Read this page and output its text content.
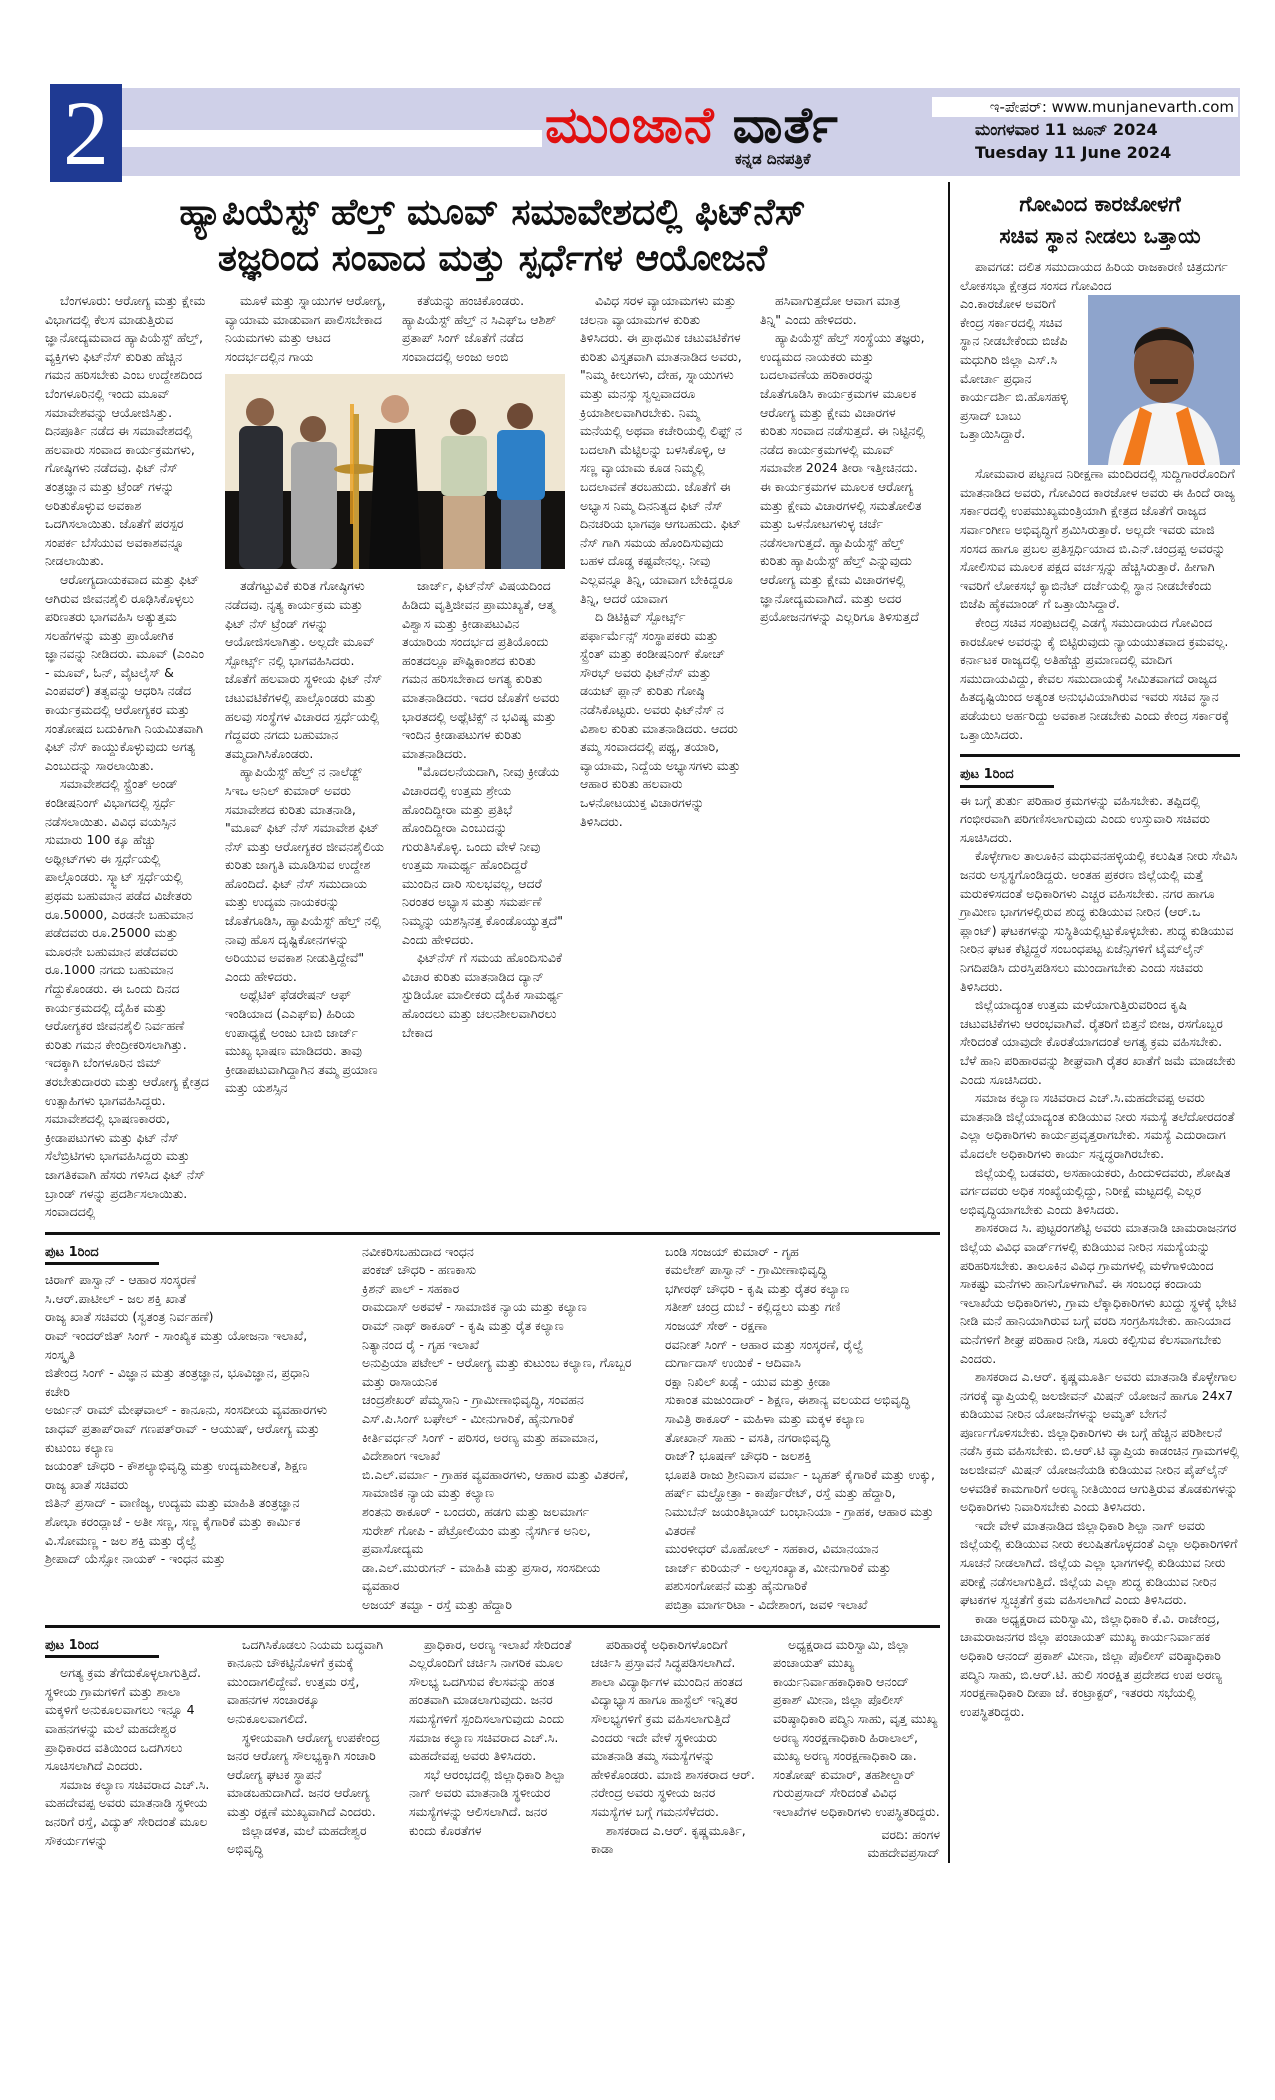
2	ಮುಂಜಾನೆ ವಾರ್ತೆ
ಕನ್ನಡ ದಿನಪತ್ರಿಕೆ
ಇ-ಪೇಪರ್: www.munjanevarth.com
ಮಂಗಳವಾರ 11 ಜೂನ್ 2024
Tuesday 11 June 2024
ಹ್ಯಾಪಿಯೆಸ್ಟ್ ಹೆಲ್ತ್ ಮೂವ್ ಸಮಾವೇಶದಲ್ಲಿ ಫಿಟ್‌ನೆಸ್
ತಜ್ಞರಿಂದ ಸಂವಾದ ಮತ್ತು ಸ್ಪರ್ಧೆಗಳ ಆಯೋಜನೆ

ಬೆಂಗಳೂರು: ಆರೋಗ್ಯ ಮತ್ತು ಕ್ಷೇಮ ವಿಭಾಗದಲ್ಲಿ ಕೆಲಸ ಮಾಡುತ್ತಿರುವ ಜ್ಞಾನೋದ್ಯಮವಾದ ಹ್ಯಾಪಿಯೆಸ್ಟ್ ಹೆಲ್ತ್, ವ್ಯಕ್ತಿಗಳು ಫಿಟ್‌ನೆಸ್ ಕುರಿತು ಹೆಚ್ಚಿನ ಗಮನ ಹರಿಸಬೇಕು ಎಂಬ ಉದ್ದೇಶದಿಂದ ಬೆಂಗಳೂರಿನಲ್ಲಿ ಇಂದು ಮೂವ್ ಸಮಾವೇಶವನ್ನು ಆಯೋಜಿಸಿತ್ತು. ದಿನಪೂರ್ತಿ ನಡೆದ ಈ ಸಮಾವೇಶದಲ್ಲಿ ಹಲವಾರು ಸಂವಾದ ಕಾರ್ಯಕ್ರಮಗಳು, ಗೋಷ್ಠಿಗಳು ನಡೆದವು. ಫಿಟ್ ನೆಸ್ ತಂತ್ರಜ್ಞಾನ ಮತ್ತು ಟ್ರೆಂಡ್ ಗಳನ್ನು ಅರಿತುಕೊಳ್ಳುವ ಅವಕಾಶ ಒದಗಿಸಲಾಯಿತು. ಜೊತೆಗೆ ಪರಸ್ಪರ ಸಂಪರ್ಕ ಬೆಸೆಯುವ ಅವಕಾಶವನ್ನೂ ನೀಡಲಾಯಿತು.

ಆರೋಗ್ಯದಾಯಕವಾದ ಮತ್ತು ಫಿಟ್ ಆಗಿರುವ ಜೀವನಶೈಲಿ ರೂಢಿಸಿಕೊಳ್ಳಲು ಪರಿಣತರು ಭಾಗವಹಿಸಿ ಅತ್ಯುತ್ತಮ ಸಲಹೆಗಳನ್ನು ಮತ್ತು ಪ್ರಾಯೋಗಿಕ ಜ್ಞಾನವನ್ನು ನೀಡಿದರು. ಮೂವ್ (ಎಂಎಂ - ಮೂವ್, ಓನ್, ವೈಟಲೈಸ್ & ಎಂಪವರ್) ತತ್ವವನ್ನು ಆಧರಿಸಿ ನಡೆದ ಕಾರ್ಯಕ್ರಮದಲ್ಲಿ ಆರೋಗ್ಯಕರ ಮತ್ತು ಸಂತೋಷದ ಬದುಕಿಗಾಗಿ ನಿಯಮಿತವಾಗಿ ಫಿಟ್ ನೆಸ್ ಕಾಯ್ದುಕೊಳ್ಳುವುದು ಅಗತ್ಯ ಎಂಬುದನ್ನು ಸಾರಲಾಯಿತು.

ಸಮಾವೇಶದಲ್ಲಿ ಸ್ಟ್ರೆಂತ್ ಅಂಡ್ ಕಂಡೀಷನಿಂಗ್ ವಿಭಾಗದಲ್ಲಿ ಸ್ಪರ್ಧೆ ನಡೆಸಲಾಯಿತು. ವಿವಿಧ ವಯಸ್ಸಿನ ಸುಮಾರು 100 ಕ್ಕೂ ಹೆಚ್ಚು ಅಥ್ಲೀಟ್‌ಗಳು ಈ ಸ್ಪರ್ಧೆಯಲ್ಲಿ ಪಾಲ್ಗೊಂಡರು. ಸ್ಕ್ವಾಟ್ ಸ್ಪರ್ಧೆಯಲ್ಲಿ ಪ್ರಥಮ ಬಹುಮಾನ ಪಡೆದ ವಿಜೇತರು ರೂ.50000, ಎರಡನೇ ಬಹುಮಾನ ಪಡೆದವರು ರೂ.25000 ಮತ್ತು ಮೂರನೇ ಬಹುಮಾನ ಪಡೆದವರು ರೂ.1000 ನಗದು ಬಹುಮಾನ ಗೆದ್ದುಕೊಂಡರು. ಈ ಒಂದು ದಿನದ ಕಾರ್ಯಕ್ರಮದಲ್ಲಿ ದೈಹಿಕ ಮತ್ತು ಆರೋಗ್ಯಕರ ಜೀವನಶೈಲಿ ನಿರ್ವಹಣೆ ಕುರಿತು ಗಮನ ಕೇಂದ್ರೀಕರಿಸಲಾಗಿತ್ತು. ಇದಕ್ಕಾಗಿ ಬೆಂಗಳೂರಿನ ಜಿಮ್ ತರಬೇತುದಾರರು ಮತ್ತು ಆರೋಗ್ಯ ಕ್ಷೇತ್ರದ ಉತ್ಸಾಹಿಗಳು ಭಾಗವಹಿಸಿದ್ದರು. ಸಮಾವೇಶದಲ್ಲಿ ಭಾಷಣಕಾರರು, ಕ್ರೀಡಾಪಟುಗಳು ಮತ್ತು ಫಿಟ್ ನೆಸ್ ಸೆಲೆಬ್ರಿಟಿಗಳು ಭಾಗವಹಿಸಿದ್ದರು ಮತ್ತು ಜಾಗತಿಕವಾಗಿ ಹೆಸರು ಗಳಿಸಿದ ಫಿಟ್ ನೆಸ್ ಬ್ರಾಂಡ್ ಗಳನ್ನು ಪ್ರದರ್ಶಿಸಲಾಯಿತು. ಸಂವಾದದಲ್ಲಿ

ಮೂಳೆ ಮತ್ತು ಸ್ನಾಯುಗಳ ಆರೋಗ್ಯ, ವ್ಯಾಯಾಮ ಮಾಡುವಾಗ ಪಾಲಿಸಬೇಕಾದ ನಿಯಮಗಳು ಮತ್ತು ಆಟದ ಸಂದರ್ಭದಲ್ಲಿನ ಗಾಯ

ಕತೆಯನ್ನು ಹಂಚಿಕೊಂಡರು. ಹ್ಯಾಪಿಯೆಸ್ಟ್ ಹೆಲ್ತ್ ನ ಸಿಎಫ್ಒ ಆಶಿಶ್ ಪ್ರತಾಪ್ ಸಿಂಗ್ ಜೊತೆಗೆ ನಡೆದ ಸಂವಾದದಲ್ಲಿ ಅಂಜು ಅಂಬಿ

ತಡೆಗಟ್ಟುವಿಕೆ ಕುರಿತ ಗೋಷ್ಠಿಗಳು ನಡೆದವು. ನೃತ್ಯ ಕಾರ್ಯಕ್ರಮ ಮತ್ತು ಫಿಟ್ ನೆಸ್ ಟ್ರೆಂಡ್ ಗಳನ್ನು ಆಯೋಜಿಸಲಾಗಿತ್ತು. ಅಲ್ಲದೇ ಮೂವ್ ಸ್ಪೋರ್ಟ್ಸ್ ನಲ್ಲಿ ಭಾಗವಹಿಸಿದರು. ಜೊತೆಗೆ ಹಲವಾರು ಸ್ಥಳೀಯ ಫಿಟ್ ನೆಸ್ ಚಟುವಟಿಕೆಗಳಲ್ಲಿ ಪಾಲ್ಗೊಂಡರು ಮತ್ತು ಹಲವು ಸಂಸ್ಥೆಗಳ ವಿಚಾರದ ಸ್ಪರ್ಧೆಯಲ್ಲಿ ಗೆದ್ದವರು ನಗದು ಬಹುಮಾನ ತಮ್ಮದಾಗಿಸಿಕೊಂಡರು.

ಹ್ಯಾಪಿಯೆಸ್ಟ್ ಹೆಲ್ತ್ ನ ನಾಲೆಡ್ಜ್ ಸಿಇಒ ಅನಿಲ್ ಕುಮಾರ್ ಅವರು ಸಮಾವೇಶದ ಕುರಿತು ಮಾತನಾಡಿ, "ಮೂವ್ ಫಿಟ್ ನೆಸ್ ಸಮಾವೇಶ ಫಿಟ್ ನೆಸ್ ಮತ್ತು ಆರೋಗ್ಯಕರ ಜೀವನಶೈಲಿಯ ಕುರಿತು ಜಾಗೃತಿ ಮೂಡಿಸುವ ಉದ್ದೇಶ ಹೊಂದಿದೆ. ಫಿಟ್ ನೆಸ್ ಸಮುದಾಯ ಮತ್ತು ಉದ್ಯಮ ನಾಯಕರನ್ನು ಜೊತೆಗೂಡಿಸಿ, ಹ್ಯಾಪಿಯೆಸ್ಟ್ ಹೆಲ್ತ್ ನಲ್ಲಿ ನಾವು ಹೊಸ ದೃಷ್ಟಿಕೋನಗಳನ್ನು ಅರಿಯುವ ಅವಕಾಶ ನೀಡುತ್ತಿದ್ದೇವೆ" ಎಂದು ಹೇಳಿದರು.

ಅಥ್ಲೆಟಿಕ್ ಫೆಡರೇಷನ್ ಆಫ್ ಇಂಡಿಯಾದ (ಎಎಫ್ಐ) ಹಿರಿಯ ಉಪಾಧ್ಯಕ್ಷೆ ಅಂಜು ಬಾಬಿ ಜಾರ್ಜ್ ಮುಖ್ಯ ಭಾಷಣ ಮಾಡಿದರು. ತಾವು ಕ್ರೀಡಾಪಟುವಾಗಿದ್ದಾಗಿನ ತಮ್ಮ ಪ್ರಯಾಣ ಮತ್ತು ಯಶಸ್ಸಿನ

ಜಾರ್ಜ್, ಫಿಟ್‌ನೆಸ್ ವಿಷಯದಿಂದ ಹಿಡಿದು ವೃತ್ತಿಜೀವನ ಪ್ರಾಮುಖ್ಯತೆ, ಆತ್ಮ ವಿಶ್ವಾಸ ಮತ್ತು ಕ್ರೀಡಾಪಟುವಿನ ತಯಾರಿಯ ಸಂದರ್ಭದ ಪ್ರತಿಯೊಂದು ಹಂತದಲ್ಲೂ ಪೌಷ್ಟಿಕಾಂಶದ ಕುರಿತು ಗಮನ ಹರಿಸಬೇಕಾದ ಅಗತ್ಯ ಕುರಿತು ಮಾತನಾಡಿದರು. ಇದರ ಜೊತೆಗೆ ಅವರು ಭಾರತದಲ್ಲಿ ಅಥ್ಲೆಟಿಕ್ಸ್ ನ ಭವಿಷ್ಯ ಮತ್ತು ಇಂದಿನ ಕ್ರೀಡಾಪಟುಗಳ ಕುರಿತು ಮಾತನಾಡಿದರು.

"ಮೊದಲನೆಯದಾಗಿ, ನೀವು ಕ್ರೀಡೆಯ ವಿಚಾರದಲ್ಲಿ ಉತ್ತಮ ಶ್ರೇಯ ಹೊಂದಿದ್ದೀರಾ ಮತ್ತು ಪ್ರತಿಭೆ ಹೊಂದಿದ್ದೀರಾ ಎಂಬುದನ್ನು ಗುರುತಿಸಿಕೊಳ್ಳಿ. ಒಂದು ವೇಳೆ ನೀವು ಉತ್ತಮ ಸಾಮರ್ಥ್ಯ ಹೊಂದಿದ್ದರೆ ಮುಂದಿನ ದಾರಿ ಸುಲಭವಲ್ಲ, ಆದರೆ ನಿರಂತರ ಅಭ್ಯಾಸ ಮತ್ತು ಸಮರ್ಪಣೆ ನಿಮ್ಮನ್ನು ಯಶಸ್ಸಿನತ್ತ ಕೊಂಡೊಯ್ಯುತ್ತದೆ" ಎಂದು ಹೇಳಿದರು.

ಫಿಟ್‌ನೆಸ್ ಗೆ ಸಮಯ ಹೊಂದಿಸುವಿಕೆ ವಿಚಾರ ಕುರಿತು ಮಾತನಾಡಿದ ದ್ಯಾನ್ ಸ್ಟುಡಿಯೋ ಮಾಲೀಕರು ದೈಹಿಕ ಸಾಮರ್ಥ್ಯ ಹೊಂದಲು ಮತ್ತು ಚಲನಶೀಲವಾಗಿರಲು ಬೇಕಾದ

ವಿವಿಧ ಸರಳ ವ್ಯಾಯಾಮಗಳು ಮತ್ತು ಚಲನಾ ವ್ಯಾಯಾಮಗಳ ಕುರಿತು ತಿಳಿಸಿದರು. ಈ ಪ್ರಾಥಮಿಕ ಚಟುವಟಿಕೆಗಳ ಕುರಿತು ವಿಸ್ತೃತವಾಗಿ ಮಾತನಾಡಿದ ಅವರು, "ನಿಮ್ಮ ಕೀಲುಗಳು, ದೇಹ, ಸ್ನಾಯುಗಳು ಮತ್ತು ಮನಸ್ಸು ಸ್ವಲ್ಪವಾದರೂ ಕ್ರಿಯಾಶೀಲವಾಗಿರಬೇಕು. ನಿಮ್ಮ ಮನೆಯಲ್ಲಿ ಅಥವಾ ಕಚೇರಿಯಲ್ಲಿ ಲಿಫ್ಟ್ ನ ಬದಲಾಗಿ ಮೆಟ್ಟಿಲನ್ನು ಬಳಸಿಕೊಳ್ಳಿ, ಆ ಸಣ್ಣ ವ್ಯಾಯಾಮ ಕೂಡ ನಿಮ್ಮಲ್ಲಿ ಬದಲಾವಣೆ ತರಬಹುದು. ಜೊತೆಗೆ ಈ ಅಭ್ಯಾಸ ನಿಮ್ಮ ದಿನನಿತ್ಯದ ಫಿಟ್ ನೆಸ್ ದಿನಚರಿಯ ಭಾಗವೂ ಆಗಬಹುದು. ಫಿಟ್ ನೆಸ್ ಗಾಗಿ ಸಮಯ ಹೊಂದಿಸುವುದು ಬಹಳ ದೊಡ್ಡ ಕಷ್ಟವೇನಲ್ಲ. ನೀವು ಎಲ್ಲವನ್ನೂ ತಿನ್ನಿ, ಯಾವಾಗ ಬೇಕಿದ್ದರೂ ತಿನ್ನಿ, ಆದರೆ ಯಾವಾಗ

ದಿ ಡಿಟಿಕ್ಟಿವ್ ಸ್ಪೋರ್ಟ್ಸ್ ಪರ್ಫಾರ್ಮೆನ್ಸ್ ಸಂಸ್ಥಾಪಕರು ಮತ್ತು ಸ್ಟ್ರೆಂತ್ ಮತ್ತು ಕಂಡೀಷನಿಂಗ್ ಕೋಚ್ ಸೌರಭ್ ಅವರು ಫಿಟ್‌ನೆಸ್ ಮತ್ತು ಡಯಟ್ ಪ್ಲಾನ್ ಕುರಿತು ಗೋಷ್ಠಿ ನಡೆಸಿಕೊಟ್ಟರು. ಅವರು ಫಿಟ್‌ನೆಸ್ ನ ವಿಶಾಲ ಕುರಿತು ಮಾತನಾಡಿದರು. ಆದರು ತಮ್ಮ ಸಂವಾದದಲ್ಲಿ ಪಥ್ಯ, ತಯಾರಿ, ವ್ಯಾಯಾಮ, ನಿದ್ದೆಯ ಅಭ್ಯಾಸಗಳು ಮತ್ತು ಆಹಾರ ಕುರಿತು ಹಲವಾರು ಒಳನೋಟಯುಕ್ತ ವಿಚಾರಗಳನ್ನು ತಿಳಿಸಿದರು.

ಹಸಿವಾಗುತ್ತದೋ ಆವಾಗ ಮಾತ್ರ ತಿನ್ನಿ" ಎಂದು ಹೇಳಿದರು.

ಹ್ಯಾಪಿಯೆಸ್ಟ್ ಹೆಲ್ತ್ ಸಂಸ್ಥೆಯು ತಜ್ಞರು, ಉದ್ಯಮದ ನಾಯಕರು ಮತ್ತು ಬದಲಾವಣೆಯ ಹರಿಕಾರರನ್ನು ಜೊತೆಗೂಡಿಸಿ ಕಾರ್ಯಕ್ರಮಗಳ ಮೂಲಕ ಆರೋಗ್ಯ ಮತ್ತು ಕ್ಷೇಮ ವಿಚಾರಗಳ ಕುರಿತು ಸಂವಾದ ನಡೆಸುತ್ತದೆ. ಈ ನಿಟ್ಟಿನಲ್ಲಿ ನಡೆದ ಕಾರ್ಯಕ್ರಮಗಳಲ್ಲಿ ಮೂವ್ ಸಮಾವೇಶ 2024 ತೀರಾ ಇತ್ತೀಚಿನದು. ಈ ಕಾರ್ಯಕ್ರಮಗಳ ಮೂಲಕ ಆರೋಗ್ಯ ಮತ್ತು ಕ್ಷೇಮ ವಿಚಾರಗಳಲ್ಲಿ ಸಮತೋಲಿತ ಮತ್ತು ಒಳನೋಟಗಳುಳ್ಳ ಚರ್ಚೆ ನಡೆಸಲಾಗುತ್ತದೆ. ಹ್ಯಾಪಿಯೆಸ್ಟ್ ಹೆಲ್ತ್ ಕುರಿತು ಹ್ಯಾಪಿಯೆಸ್ಟ್ ಹೆಲ್ತ್ ಎನ್ನುವುದು ಆರೋಗ್ಯ ಮತ್ತು ಕ್ಷೇಮ ವಿಚಾರಗಳಲ್ಲಿ ಜ್ಞಾನೋದ್ಯಮವಾಗಿದೆ. ಮತ್ತು ಅದರ ಪ್ರಯೋಜನಗಳನ್ನು ಎಲ್ಲರಿಗೂ ತಿಳಿಸುತ್ತದೆ

ಪುಟ 1ರಿಂದ
ಚಿರಾಗ್ ಪಾಸ್ವಾನ್ - ಆಹಾರ ಸಂಸ್ಕರಣೆ
ಸಿ.ಆರ್.ಪಾಟೀಲ್ - ಜಲ ಶಕ್ತಿ ಖಾತೆ
ರಾಜ್ಯ ಖಾತೆ ಸಚಿವರು (ಸ್ವತಂತ್ರ ನಿರ್ವಹಣೆ)
ರಾವ್ ಇಂದರ್‌ಜಿತ್ ಸಿಂಗ್ - ಸಾಂಖ್ಯಿಕ ಮತ್ತು ಯೋಜನಾ ಇಲಾಖೆ, ಸಂಸ್ಕೃತಿ
ಜಿತೇಂದ್ರ ಸಿಂಗ್ - ವಿಜ್ಞಾನ ಮತ್ತು ತಂತ್ರಜ್ಞಾನ, ಭೂವಿಜ್ಞಾನ, ಪ್ರಧಾನಿ ಕಚೇರಿ
ಅರ್ಜುನ್ ರಾಮ್ ಮೇಘವಾಲ್ - ಕಾನೂನು, ಸಂಸದೀಯ ವ್ಯವಹಾರಗಳು
ಜಾಧವ್ ಪ್ರತಾಪ್‌ರಾವ್ ಗಣಪತ್‌ರಾವ್ - ಆಯುಷ್, ಆರೋಗ್ಯ ಮತ್ತು ಕುಟುಂಬ ಕಲ್ಯಾಣ
ಜಯಂತ್ ಚೌಧರಿ - ಕೌಶಲ್ಯಾಭಿವೃದ್ಧಿ ಮತ್ತು ಉದ್ಯಮಶೀಲತೆ, ಶಿಕ್ಷಣ
ರಾಜ್ಯ ಖಾತೆ ಸಚಿವರು
ಜಿತಿನ್ ಪ್ರಸಾದ್ - ವಾಣಿಜ್ಯ, ಉದ್ಯಮ ಮತ್ತು ಮಾಹಿತಿ ತಂತ್ರಜ್ಞಾನ
ಶೋಭಾ ಕರಂದ್ಲಾಜೆ - ಅತೀ ಸಣ್ಣ, ಸಣ್ಣ ಕೈಗಾರಿಕೆ ಮತ್ತು ಕಾರ್ಮಿಕ
ವಿ.ಸೋಮಣ್ಣ - ಜಲ ಶಕ್ತಿ ಮತ್ತು ರೈಲ್ವೆ
ಶ್ರೀಪಾದ್ ಯೆಸ್ಸೋ ನಾಯಕ್ - ಇಂಧನ ಮತ್ತು
ನವೀಕರಿಸಬಹುದಾದ ಇಂಧನ
ಪಂಕಜ್ ಚೌಧರಿ - ಹಣಕಾಸು
ಕ್ರಿಶನ್ ಪಾಲ್ - ಸಹಕಾರ
ರಾಮದಾಸ್ ಅಠವಳೆ - ಸಾಮಾಜಿಕ ನ್ಯಾಯ ಮತ್ತು ಕಲ್ಯಾಣ
ರಾಮ್ ನಾಥ್ ಠಾಕೂರ್ - ಕೃಷಿ ಮತ್ತು ರೈತ ಕಲ್ಯಾಣ
ನಿತ್ಯಾನಂದ ರೈ - ಗೃಹ ಇಲಾಖೆ
ಅನುಪ್ರಿಯಾ ಪಟೇಲ್ - ಆರೋಗ್ಯ ಮತ್ತು ಕುಟುಂಬ ಕಲ್ಯಾಣ, ಗೊಬ್ಬರ ಮತ್ತು ರಾಸಾಯನಿಕ
ಚಂದ್ರಶೇಖರ್ ಪೆಮ್ಮಸಾನಿ - ಗ್ರಾಮೀಣಾಭಿವೃದ್ಧಿ, ಸಂವಹನ
ಎಸ್.ಪಿ.ಸಿಂಗ್ ಬಘೇಲ್ - ಮೀನುಗಾರಿಕೆ, ಹೈನುಗಾರಿಕೆ
ಕೀರ್ತಿವರ್ಧನ್ ಸಿಂಗ್ - ಪರಿಸರ, ಅರಣ್ಯ ಮತ್ತು ಹವಾಮಾನ, ವಿದೇಶಾಂಗ ಇಲಾಖೆ
ಬಿ.ಎಲ್.ವರ್ಮಾ - ಗ್ರಾಹಕ ವ್ಯವಹಾರಗಳು, ಆಹಾರ ಮತ್ತು ವಿತರಣೆ, ಸಾಮಾಜಿಕ ನ್ಯಾಯ ಮತ್ತು ಕಲ್ಯಾಣ
ಶಂತನು ಠಾಕೂರ್ - ಬಂದರು, ಹಡಗು ಮತ್ತು ಜಲಮಾರ್ಗ
ಸುರೇಶ್ ಗೋಪಿ - ಪೆಟ್ರೋಲಿಯಂ ಮತ್ತು ನೈಸರ್ಗಿಕ ಅನಿಲ, ಪ್ರವಾಸೋದ್ಯಮ
ಡಾ.ಎಲ್.ಮುರುಗನ್ - ಮಾಹಿತಿ ಮತ್ತು ಪ್ರಸಾರ, ಸಂಸದೀಯ ವ್ಯವಹಾರ
ಅಜಯ್ ತಮ್ಟಾ - ರಸ್ತೆ ಮತ್ತು ಹೆದ್ದಾರಿ
ಬಂಡಿ ಸಂಜಯ್ ಕುಮಾರ್ - ಗೃಹ
ಕಮಲೇಶ್ ಪಾಸ್ವಾನ್ - ಗ್ರಾಮೀಣಾಭಿವೃದ್ಧಿ
ಭಗೀರಥ್ ಚೌಧರಿ - ಕೃಷಿ ಮತ್ತು ರೈತರ ಕಲ್ಯಾಣ
ಸತೀಶ್ ಚಂದ್ರ ದುಬೆ - ಕಲ್ಲಿದ್ದಲು ಮತ್ತು ಗಣಿ
ಸಂಜಯ್ ಸೇಠ್ - ರಕ್ಷಣಾ
ರವನೀತ್ ಸಿಂಗ್ - ಆಹಾರ ಮತ್ತು ಸಂಸ್ಕರಣೆ, ರೈಲ್ವೆ
ದುರ್ಗಾದಾಸ್ ಉಯಿಕೆ - ಆದಿವಾಸಿ
ರಕ್ಷಾ ನಿಖಿಲ್ ಖಡ್ಸೆ - ಯುವ ಮತ್ತು ಕ್ರೀಡಾ
ಸುಕಾಂತ ಮಜುಂದಾರ್ - ಶಿಕ್ಷಣ, ಈಶಾನ್ಯ ವಲಯದ ಅಭಿವೃದ್ಧಿ
ಸಾವಿತ್ರಿ ಠಾಕೂರ್ - ಮಹಿಳಾ ಮತ್ತು ಮಕ್ಕಳ ಕಲ್ಯಾಣ
ತೋಖಾನ್ ಸಾಹು - ವಸತಿ, ನಗರಾಭಿವೃದ್ಧಿ
ರಾಜ್? ಭೂಷಣ್ ಚೌಧರಿ - ಜಲಶಕ್ತಿ
ಭೂಪತಿ ರಾಜು ಶ್ರೀನಿವಾಸ ವರ್ಮಾ - ಬೃಹತ್ ಕೈಗಾರಿಕೆ ಮತ್ತು ಉಕ್ಕು, ಹರ್ಷ್ ಮಲ್ಹೋತ್ರಾ - ಕಾರ್ಪೊರೇಟ್, ರಸ್ತೆ ಮತ್ತು ಹೆದ್ದಾರಿ, ನಿಮುಬೆನ್ ಜಯಂತಿಭಾಯ್ ಬಂಭಾನಿಯಾ - ಗ್ರಾಹಕ, ಆಹಾರ ಮತ್ತು ವಿತರಣೆ
ಮುರಳೀಧರ್ ಮೊಹೋಲ್ - ಸಹಕಾರ, ವಿಮಾನಯಾನ
ಜಾರ್ಜ್ ಕುರಿಯನ್ - ಅಲ್ಪಸಂಖ್ಯಾತ, ಮೀನುಗಾರಿಕೆ ಮತ್ತು ಪಶುಸಂಗೋಪನೆ ಮತ್ತು ಹೈನುಗಾರಿಕೆ
ಪಬಿತ್ರಾ ಮಾರ್ಗರಿಟಾ - ವಿದೇಶಾಂಗ, ಜವಳಿ ಇಲಾಖೆ
ಪುಟ 1ರಿಂದ

ಅಗತ್ಯ ಕ್ರಮ ತೆಗೆದುಕೊಳ್ಳಲಾಗುತ್ತಿದೆ. ಸ್ಥಳೀಯ ಗ್ರಾಮಗಳಿಗೆ ಮತ್ತು ಶಾಲಾ ಮಕ್ಕಳಿಗೆ ಅನುಕೂಲವಾಗಲು ಇನ್ನೂ 4 ವಾಹನಗಳನ್ನು ಮಲೆ ಮಹದೇಶ್ವರ ಪ್ರಾಧಿಕಾರದ ವತಿಯಿಂದ ಒದಗಿಸಲು ಸೂಚಿಸಲಾಗಿದೆ ಎಂದರು.

ಸಮಾಜ ಕಲ್ಯಾಣ ಸಚಿವರಾದ ಎಚ್.ಸಿ. ಮಹದೇವಪ್ಪ ಅವರು ಮಾತನಾಡಿ ಸ್ಥಳೀಯ ಜನರಿಗೆ ರಸ್ತೆ, ವಿದ್ಯುತ್ ಸೇರಿದಂತೆ ಮೂಲ ಸೌಕರ್ಯಗಳನ್ನು

ಒದಗಿಸಿಕೊಡಲು ನಿಯಮ ಬದ್ಧವಾಗಿ ಕಾನೂನು ಚೌಕಟ್ಟಿನೊಳಗೆ ಕ್ರಮಕ್ಕೆ ಮುಂದಾಗಲಿದ್ದೇವೆ. ಉತ್ತಮ ರಸ್ತೆ, ವಾಹನಗಳ ಸಂಚಾರಕ್ಕೂ ಅನುಕೂಲವಾಗಲಿದೆ.

ಸ್ಥಳೀಯವಾಗಿ ಆರೋಗ್ಯ ಉಪಕೇಂದ್ರ ಜನರ ಆರೋಗ್ಯ ಸೌಲಭ್ಯಕ್ಕಾಗಿ ಸಂಚಾರಿ ಆರೋಗ್ಯ ಘಟಕ ಸ್ಥಾಪನೆ ಮಾಡಬಹುದಾಗಿದೆ. ಜನರ ಆರೋಗ್ಯ ಮತ್ತು ರಕ್ಷಣೆ ಮುಖ್ಯವಾಗಿದೆ ಎಂದರು.

ಜಿಲ್ಲಾಡಳಿತ, ಮಲೆ ಮಹದೇಶ್ವರ ಅಭಿವೃದ್ಧಿ

ಪ್ರಾಧಿಕಾರ, ಅರಣ್ಯ ಇಲಾಖೆ ಸೇರಿದಂತೆ ಎಲ್ಲರೊಂದಿಗೆ ಚರ್ಚಿಸಿ ನಾಗರಿಕ ಮೂಲ ಸೌಲಭ್ಯ ಒದಗಿಸುವ ಕೆಲಸವನ್ನು ಹಂತ ಹಂತವಾಗಿ ಮಾಡಲಾಗುವುದು. ಜನರ ಸಮಸ್ಯೆಗಳಿಗೆ ಸ್ಪಂದಿಸಲಾಗುವುದು ಎಂದು ಸಮಾಜ ಕಲ್ಯಾಣ ಸಚಿವರಾದ ಎಚ್.ಸಿ. ಮಹದೇವಪ್ಪ ಅವರು ತಿಳಿಸಿದರು.

ಸಭೆ ಆರಂಭದಲ್ಲಿ ಜಿಲ್ಲಾಧಿಕಾರಿ ಶಿಲ್ಪಾ ನಾಗ್ ಅವರು ಮಾತನಾಡಿ ಸ್ಥಳೀಯರ ಸಮಸ್ಯೆಗಳನ್ನು ಆಲಿಸಲಾಗಿದೆ. ಜನರ ಕುಂದು ಕೊರತೆಗಳ

ಪರಿಹಾರಕ್ಕೆ ಅಧಿಕಾರಿಗಳೊಂದಿಗೆ ಚರ್ಚಿಸಿ ಪ್ರಸ್ತಾವನೆ ಸಿದ್ಧಪಡಿಸಲಾಗಿದೆ. ಶಾಲಾ ವಿದ್ಯಾರ್ಥಿಗಳ ಮುಂದಿನ ಹಂತದ ವಿದ್ಯಾಭ್ಯಾಸ ಹಾಗೂ ಹಾಸ್ಟೆಲ್ ಇನ್ನಿತರ ಸೌಲಭ್ಯಗಳಿಗೆ ಕ್ರಮ ವಹಿಸಲಾಗುತ್ತಿದೆ ಎಂದರು ಇದೇ ವೇಳೆ ಸ್ಥಳೀಯರು ಮಾತನಾಡಿ ತಮ್ಮ ಸಮಸ್ಯೆಗಳನ್ನು ಹೇಳಿಕೊಂಡರು. ಮಾಜಿ ಶಾಸಕರಾದ ಆರ್. ನರೇಂದ್ರ ಅವರು ಸ್ಥಳೀಯ ಜನರ ಸಮಸ್ಯೆಗಳ ಬಗ್ಗೆ ಗಮನಸೆಳೆದರು.

ಶಾಸಕರಾದ ಎ.ಆರ್. ಕೃಷ್ಣಮೂರ್ತಿ, ಕಾಡಾ

ಅಧ್ಯಕ್ಷರಾದ ಮರಿಸ್ವಾಮಿ, ಜಿಲ್ಲಾ ಪಂಚಾಯತ್ ಮುಖ್ಯ ಕಾರ್ಯನಿರ್ವಾಹಕಾಧಿಕಾರಿ ಆನಂದ್ ಪ್ರಕಾಶ್ ಮೀನಾ, ಜಿಲ್ಲಾ ಪೊಲೀಸ್ ವರಿಷ್ಠಾಧಿಕಾರಿ ಪದ್ಮಿನಿ ಸಾಹು, ವೃತ್ತ ಮುಖ್ಯ ಅರಣ್ಯ ಸಂರಕ್ಷಣಾಧಿಕಾರಿ ಹಿರಾಲಾಲ್, ಮುಖ್ಯ ಅರಣ್ಯ ಸಂರಕ್ಷಣಾಧಿಕಾರಿ ಡಾ. ಸಂತೋಷ್ ಕುಮಾರ್, ತಹಶೀಲ್ದಾರ್ ಗುರುಪ್ರಸಾದ್ ಸೇರಿದಂತೆ ವಿವಿಧ ಇಲಾಖೆಗಳ ಅಧಿಕಾರಿಗಳು ಉಪಸ್ಥಿತರಿದ್ದರು.

ವರದಿ: ಹಂಗಳ
ಮಹದೇವಪ್ರಸಾದ್
ಗೋವಿಂದ ಕಾರಜೋಳಗೆ
ಸಚಿವ ಸ್ಥಾನ ನೀಡಲು ಒತ್ತಾಯ

ಪಾವಗಡ: ದಲಿತ ಸಮುದಾಯದ ಹಿರಿಯ ರಾಜಕಾರಣಿ ಚಿತ್ರದುರ್ಗ ಲೋಕಸಭಾ ಕ್ಷೇತ್ರದ ಸಂಸದ ಗೋವಿಂದ

ಎಂ.ಕಾರಜೋಳ ಅವರಿಗೆ ಕೇಂದ್ರ ಸರ್ಕಾರದಲ್ಲಿ ಸಚಿವ ಸ್ಥಾನ ನೀಡಬೇಕೆಂದು ಬಿಜೆಪಿ ಮಧುಗಿರಿ ಜಿಲ್ಲಾ ಎಸ್.ಸಿ ಮೋರ್ಚಾ ಪ್ರಧಾನ ಕಾರ್ಯದರ್ಶಿ ಬಿ.ಹೊಸಹಳ್ಳಿ ಪ್ರಸಾದ್ ಬಾಬು ಒತ್ತಾಯಿಸಿದ್ದಾರೆ.

ಸೋಮವಾರ ಪಟ್ಟಣದ ನಿರೀಕ್ಷಣಾ ಮಂದಿರದಲ್ಲಿ ಸುದ್ದಿಗಾರರೊಂದಿಗೆ ಮಾತನಾಡಿದ ಅವರು, ಗೋವಿಂದ ಕಾರಜೋಳ ಅವರು ಈ ಹಿಂದೆ ರಾಜ್ಯ ಸರ್ಕಾರದಲ್ಲಿ ಉಪಮುಖ್ಯಮಂತ್ರಿಯಾಗಿ ಕ್ಷೇತ್ರದ ಜೊತೆಗೆ ರಾಜ್ಯದ ಸರ್ವಾಂಗೀಣ ಅಭಿವೃದ್ಧಿಗೆ ಶ್ರಮಿಸಿರುತ್ತಾರೆ. ಅಲ್ಲದೇ ಇವರು ಮಾಜಿ ಸಂಸದ ಹಾಗೂ ಪ್ರಬಲ ಪ್ರತಿಸ್ಪರ್ಧಿಯಾದ ಬಿ.ಎನ್.ಚಂದ್ರಪ್ಪ ಅವರನ್ನು ಸೋಲಿಸುವ ಮೂಲಕ ಪಕ್ಷದ ವರ್ಚಸ್ಸನ್ನು ಹೆಚ್ಚಿಸಿರುತ್ತಾರೆ. ಹೀಗಾಗಿ ಇವರಿಗೆ ಲೋಕಸಭೆ ಕ್ಯಾಬಿನೆಟ್ ದರ್ಜೆಯಲ್ಲಿ ಸ್ಥಾನ ನೀಡಬೇಕೆಂದು ಬಿಜೆಪಿ ಹೈಕಮಾಂಡ್ ಗೆ ಒತ್ತಾಯಿಸಿದ್ದಾರೆ.

ಕೇಂದ್ರ ಸಚಿವ ಸಂಪುಟದಲ್ಲಿ ಎಡಗೈ ಸಮುದಾಯದ ಗೋವಿಂದ ಕಾರಜೋಳ ಅವರನ್ನು ಕೈ ಬಿಟ್ಟಿರುವುದು ನ್ಯಾಯಯುತವಾದ ಕ್ರಮವಲ್ಲ. ಕರ್ನಾಟಕ ರಾಜ್ಯದಲ್ಲಿ ಅತಿಹೆಚ್ಚು ಪ್ರಮಾಣದಲ್ಲಿ ಮಾದಿಗ ಸಮುದಾಯವಿದ್ದು, ಕೇವಲ ಸಮುದಾಯಕ್ಕೆ ಸೀಮಿತವಾಗದೆ ರಾಜ್ಯದ ಹಿತದೃಷ್ಟಿಯಿಂದ ಅತ್ಯಂತ ಅನುಭವಿಯಾಗಿರುವ ಇವರು ಸಚಿವ ಸ್ಥಾನ ಪಡೆಯಲು ಅರ್ಹರಿದ್ದು ಅವಕಾಶ ನೀಡಬೇಕು ಎಂದು ಕೇಂದ್ರ ಸರ್ಕಾರಕ್ಕೆ ಒತ್ತಾಯಿಸಿದರು.

ಪುಟ 1ರಿಂದ

ಈ ಬಗ್ಗೆ ತುರ್ತು ಪರಿಹಾರ ಕ್ರಮಗಳನ್ನು ವಹಿಸಬೇಕು. ತಪ್ಪಿದಲ್ಲಿ ಗಂಭೀರವಾಗಿ ಪರಿಗಣಿಸಲಾಗುವುದು ಎಂದು ಉಸ್ತುವಾರಿ ಸಚಿವರು ಸೂಚಿಸಿದರು.

ಕೊಳ್ಳೇಗಾಲ ತಾಲೂಕಿನ ಮಧುವನಹಳ್ಳಿಯಲ್ಲಿ ಕಲುಷಿತ ನೀರು ಸೇವಿಸಿ ಜನರು ಅಸ್ವಸ್ಥಗೊಂಡಿದ್ದರು. ಅಂತಹ ಪ್ರಕರಣ ಜಿಲ್ಲೆಯಲ್ಲಿ ಮತ್ತೆ ಮರುಕಳಿಸದಂತೆ ಅಧಿಕಾರಿಗಳು ಎಚ್ಚರ ವಹಿಸಬೇಕು. ನಗರ ಹಾಗೂ ಗ್ರಾಮೀಣ ಭಾಗಗಳಲ್ಲಿರುವ ಶುದ್ಧ ಕುಡಿಯುವ ನೀರಿನ (ಆರ್.ಒ ಪ್ಲಾಂಟ್) ಘಟಕಗಳನ್ನು ಸುಸ್ಥಿತಿಯಲ್ಲಿಟ್ಟುಕೊಳ್ಳಬೇಕು. ಶುದ್ಧ ಕುಡಿಯುವ ನೀರಿನ ಘಟಕ ಕೆಟ್ಟಿದ್ದರೆ ಸಂಬಂಧಪಟ್ಟ ಏಜೆನ್ಸಿಗಳಿಗೆ ಟೈಮ್‌ಲೈನ್ ನಿಗದಿಪಡಿಸಿ ದುರಸ್ತಿಪಡಿಸಲು ಮುಂದಾಗಬೇಕು ಎಂದು ಸಚಿವರು ತಿಳಿಸಿದರು.

ಜಿಲ್ಲೆಯಾದ್ಯಂತ ಉತ್ತಮ ಮಳೆಯಾಗುತ್ತಿರುವರಿಂದ ಕೃಷಿ ಚಟುವಟಿಕೆಗಳು ಆರಂಭವಾಗಿವೆ. ರೈತರಿಗೆ ಬಿತ್ತನೆ ಬೀಜ, ರಸಗೊಬ್ಬರ ಸೇರಿದಂತೆ ಯಾವುದೇ ಕೊರತೆಯಾಗದಂತೆ ಅಗತ್ಯ ಕ್ರಮ ವಹಿಸಬೇಕು. ಬೆಳೆ ಹಾನಿ ಪರಿಹಾರವನ್ನು ಶೀಘ್ರವಾಗಿ ರೈತರ ಖಾತೆಗೆ ಜಮೆ ಮಾಡಬೇಕು ಎಂದು ಸೂಚಿಸಿದರು.

ಸಮಾಜ ಕಲ್ಯಾಣ ಸಚಿವರಾದ ಎಚ್.ಸಿ.ಮಹದೇವಪ್ಪ ಅವರು ಮಾತನಾಡಿ ಜಿಲ್ಲೆಯಾದ್ಯಂತ ಕುಡಿಯುವ ನೀರು ಸಮಸ್ಯೆ ತಲೆದೋರದಂತೆ ಎಲ್ಲಾ ಅಧಿಕಾರಿಗಳು ಕಾರ್ಯಪ್ರವೃತ್ತರಾಗಬೇಕು. ಸಮಸ್ಯೆ ಎದುರಾದಾಗ ಮೊದಲೇ ಅಧಿಕಾರಿಗಳು ಕಾರ್ಯ ಸನ್ನದ್ಧರಾಗಿರಬೇಕು.

ಜಿಲ್ಲೆಯಲ್ಲಿ ಬಡವರು, ಅಸಹಾಯಕರು, ಹಿಂದುಳಿದವರು, ಶೋಷಿತ ವರ್ಗದವರು ಅಧಿಕ ಸಂಖ್ಯೆಯಲ್ಲಿದ್ದು, ನಿರೀಕ್ಷೆ ಮಟ್ಟದಲ್ಲಿ ಎಲ್ಲರ ಅಭಿವೃದ್ಧಿಯಾಗಬೇಕು ಎಂದು ತಿಳಿಸಿದರು.

ಶಾಸಕರಾದ ಸಿ. ಪುಟ್ಟರಂಗಶೆಟ್ಟಿ ಅವರು ಮಾತನಾಡಿ ಚಾಮರಾಜನಗರ ಜಿಲ್ಲೆಯ ವಿವಿಧ ವಾರ್ಡ್‌ಗಳಲ್ಲಿ ಕುಡಿಯುವ ನೀರಿನ ಸಮಸ್ಯೆಯನ್ನು ಪರಿಹರಿಸಬೇಕು. ತಾಲೂಕಿನ ವಿವಿಧ ಗ್ರಾಮಗಳಲ್ಲಿ ಮಳೆಗಾಳಿಯಿಂದ ಸಾಕಷ್ಟು ಮನೆಗಳು ಹಾನಿಗೊಳಗಾಗಿವೆ. ಈ ಸಂಬಂಧ ಕಂದಾಯ ಇಲಾಖೆಯ ಅಧಿಕಾರಿಗಳು, ಗ್ರಾಮ ಲೆಕ್ಕಾಧಿಕಾರಿಗಳು ಖುದ್ದು ಸ್ಥಳಕ್ಕೆ ಭೇಟಿ ನೀಡಿ ಮನೆ ಹಾನಿಯಾಗಿರುವ ಬಗ್ಗೆ ವರದಿ ಸಂಗ್ರಹಿಸಬೇಕು. ಹಾನಿಯಾದ ಮನೆಗಳಿಗೆ ಶೀಘ್ರ ಪರಿಹಾರ ನೀಡಿ, ಸೂರು ಕಲ್ಪಿಸುವ ಕೆಲಸವಾಗಬೇಕು ಎಂದರು.

ಶಾಸಕರಾದ ಎ.ಆರ್. ಕೃಷ್ಣಮೂರ್ತಿ ಅವರು ಮಾತನಾಡಿ ಕೊಳ್ಳೇಗಾಲ ನಗರಕ್ಕೆ ವ್ಯಾಪ್ತಿಯಲ್ಲಿ ಜಲಜೀವನ್ ಮಿಷನ್ ಯೋಜನೆ ಹಾಗೂ 24x7 ಕುಡಿಯುವ ನೀರಿನ ಯೋಜನೆಗಳನ್ನು ಅಮೃತ್ ಬೇಗನೆ ಪೂರ್ಣಗೊಳಿಸಬೇಕು. ಜಿಲ್ಲಾಧಿಕಾರಿಗಳು ಈ ಬಗ್ಗೆ ಹೆಚ್ಚಿನ ಪರಿಶೀಲನೆ ನಡೆಸಿ ಕ್ರಮ ವಹಿಸಬೇಕು. ಬಿ.ಆರ್.ಟಿ ವ್ಯಾಪ್ತಿಯ ಕಾಡಂಚಿನ ಗ್ರಾಮಗಳಲ್ಲಿ ಜಲಜೀವನ್ ಮಿಷನ್ ಯೋಜನೆಯಡಿ ಕುಡಿಯುವ ನೀರಿನ ಪೈಪ್‌ಲೈನ್ ಅಳವಡಿಕೆ ಕಾಮಗಾರಿಗೆ ಅರಣ್ಯ ನೀತಿಯಿಂದ ಆಗುತ್ತಿರುವ ತೊಡಕುಗಳನ್ನು ಅಧಿಕಾರಿಗಳು ನಿವಾರಿಸಬೇಕು ಎಂದು ತಿಳಿಸಿದರು.

ಇದೇ ವೇಳೆ ಮಾತನಾಡಿದ ಜಿಲ್ಲಾಧಿಕಾರಿ ಶಿಲ್ಪಾ ನಾಗ್ ಅವರು ಜಿಲ್ಲೆಯಲ್ಲಿ ಕುಡಿಯುವ ನೀರು ಕಲುಷಿತಗೊಳ್ಳದಂತೆ ಎಲ್ಲಾ ಅಧಿಕಾರಿಗಳಿಗೆ ಸೂಚನೆ ನೀಡಲಾಗಿದೆ. ಜಿಲ್ಲೆಯ ಎಲ್ಲಾ ಭಾಗಗಳಲ್ಲಿ ಕುಡಿಯುವ ನೀರು ಪರೀಕ್ಷೆ ನಡೆಸಲಾಗುತ್ತಿದೆ. ಜಿಲ್ಲೆಯ ಎಲ್ಲಾ ಶುದ್ಧ ಕುಡಿಯುವ ನೀರಿನ ಘಟಕಗಳ ಸ್ವಚ್ಛತೆಗೆ ಕ್ರಮ ವಹಿಸಲಾಗಿದೆ ಎಂದು ತಿಳಿಸಿದರು.

ಕಾಡಾ ಅಧ್ಯಕ್ಷರಾದ ಮರಿಸ್ವಾಮಿ, ಜಿಲ್ಲಾಧಿಕಾರಿ ಕೆ.ವಿ. ರಾಜೇಂದ್ರ, ಚಾಮರಾಜನಗರ ಜಿಲ್ಲಾ ಪಂಚಾಯತ್ ಮುಖ್ಯ ಕಾರ್ಯನಿರ್ವಾಹಕ ಅಧಿಕಾರಿ ಆನಂದ್ ಪ್ರಕಾಶ್ ಮೀನಾ, ಜಿಲ್ಲಾ ಪೊಲೀಸ್ ವರಿಷ್ಠಾಧಿಕಾರಿ ಪದ್ಮಿನಿ ಸಾಹು, ಬಿ.ಆರ್.ಟಿ. ಹುಲಿ ಸಂರಕ್ಷಿತ ಪ್ರದೇಶದ ಉಪ ಅರಣ್ಯ ಸಂರಕ್ಷಣಾಧಿಕಾರಿ ದೀಪಾ ಜೆ. ಕಂಟ್ರಾಕ್ಟರ್, ಇತರರು ಸಭೆಯಲ್ಲಿ ಉಪಸ್ಥಿತರಿದ್ದರು.
